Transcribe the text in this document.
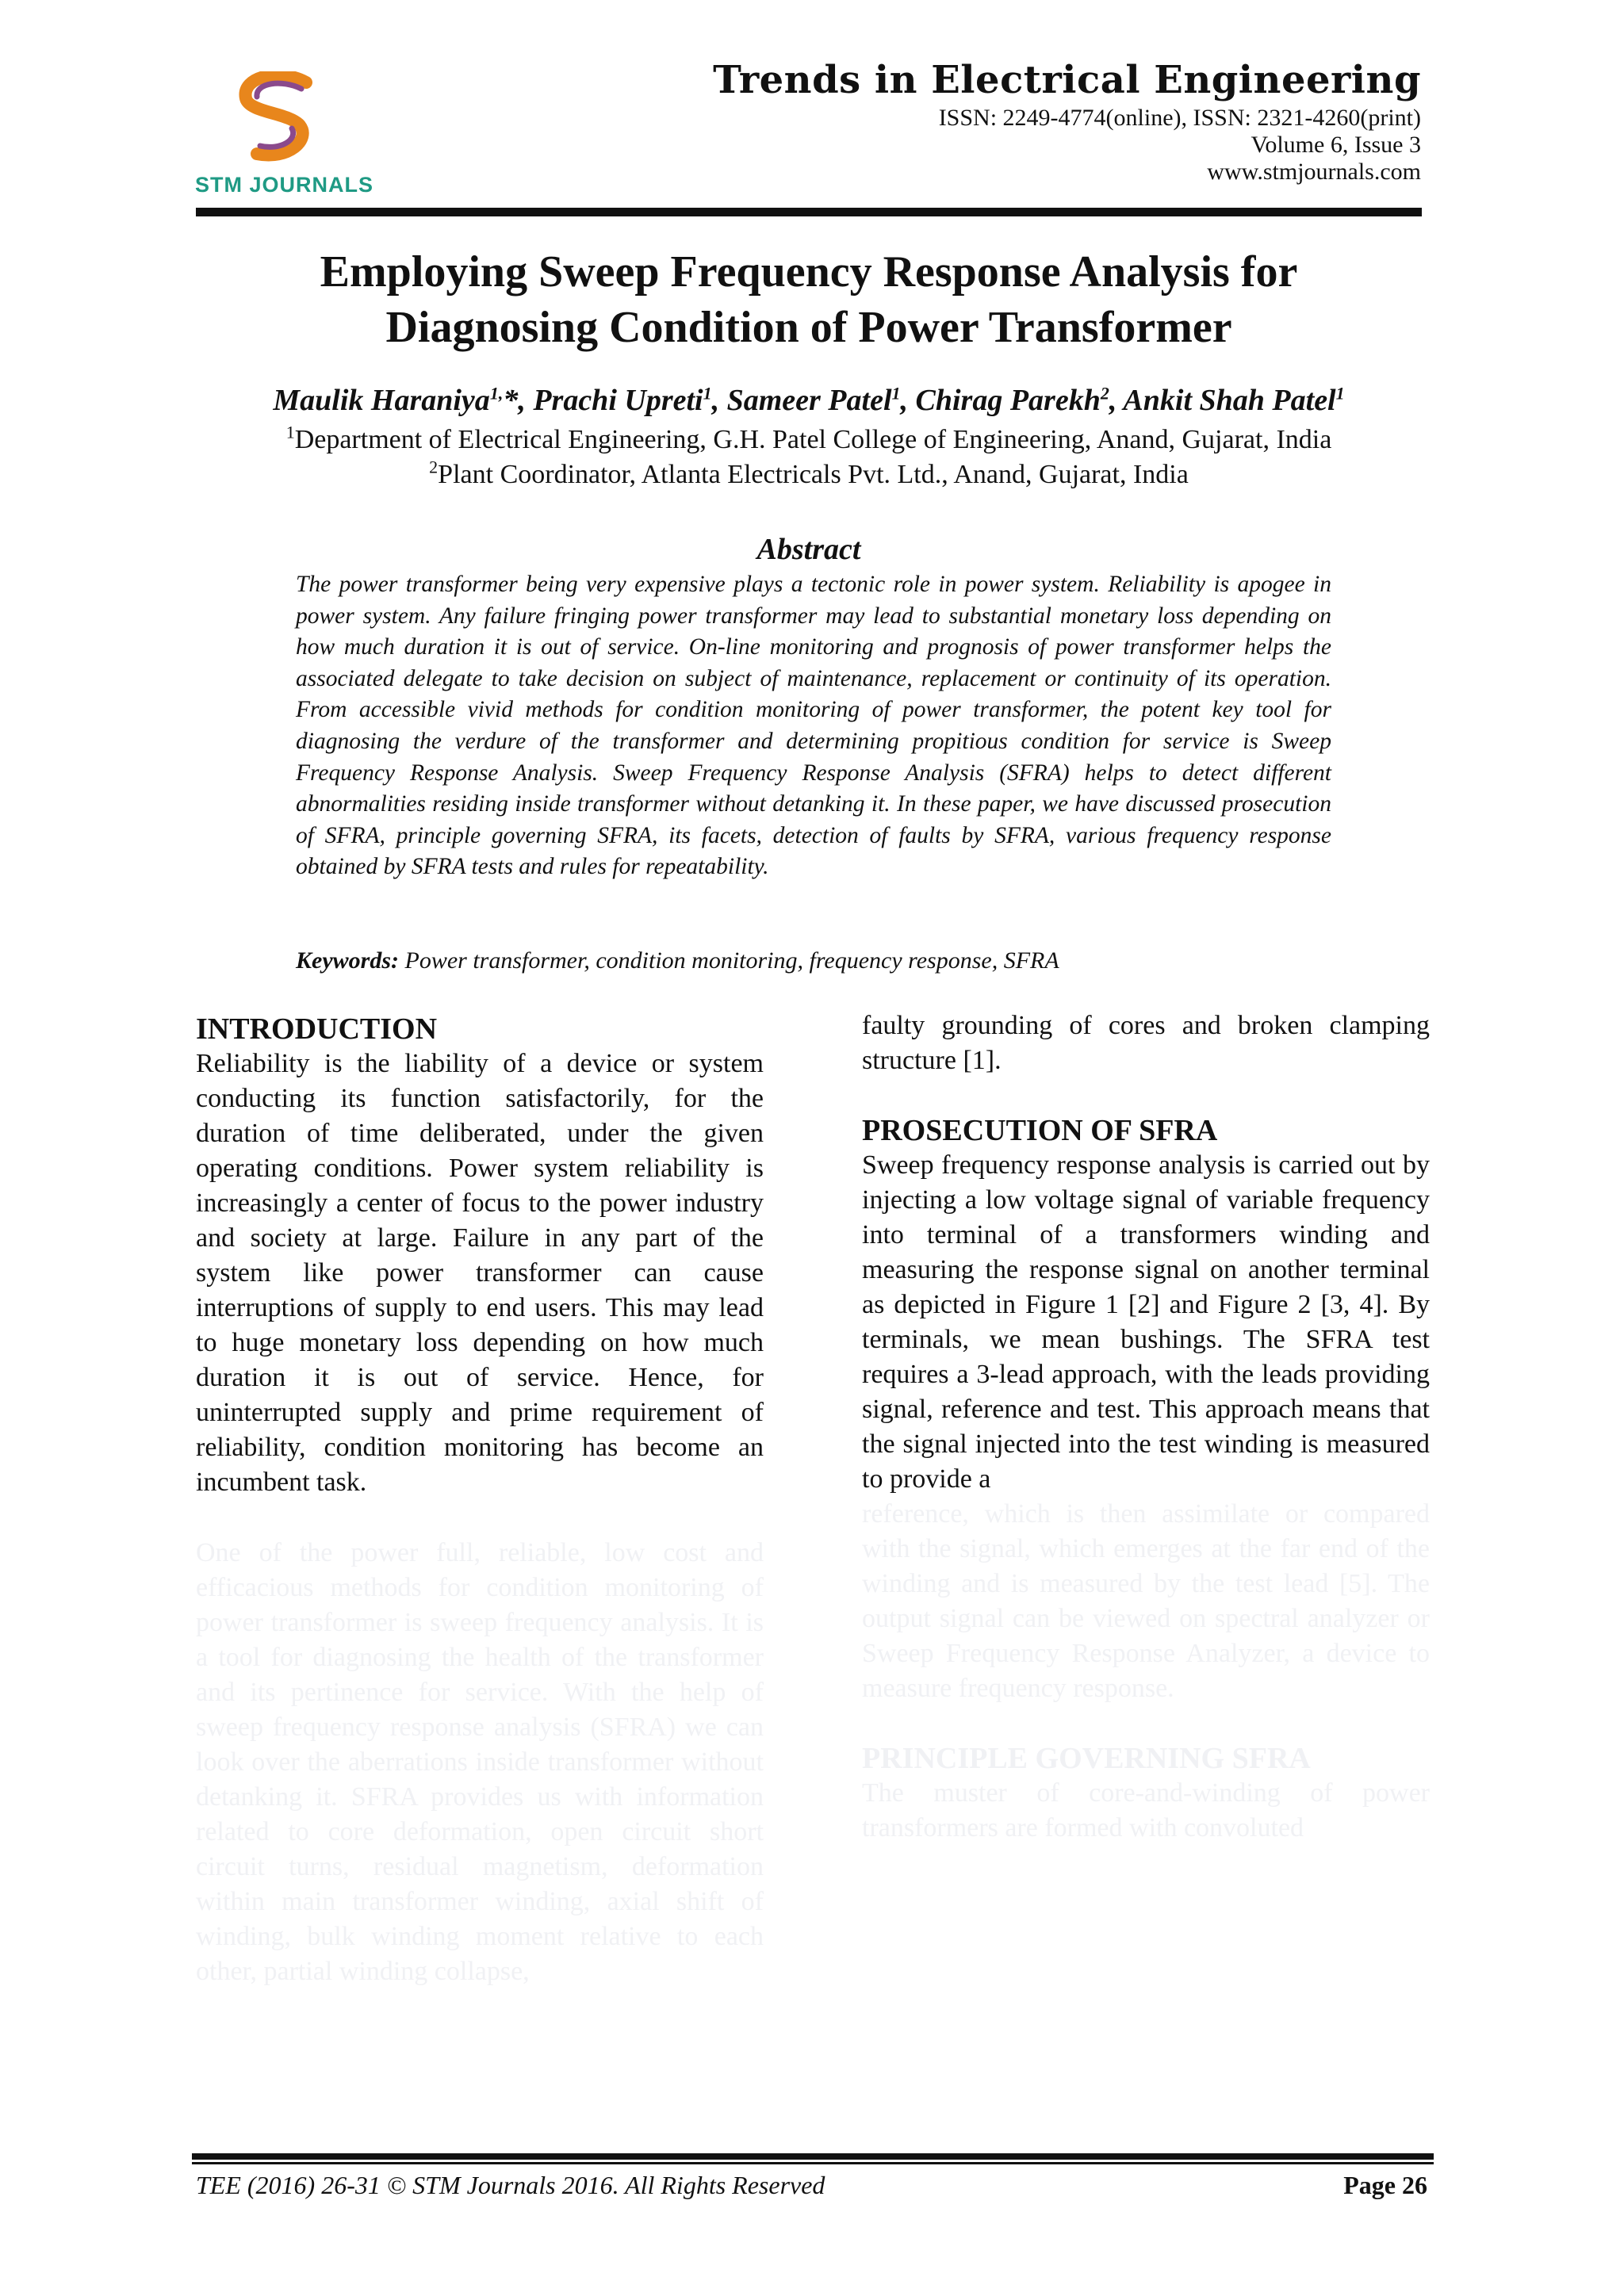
STM JOURNALS
Trends in Electrical Engineering
ISSN: 2249-4774(online), ISSN: 2321-4260(print)
Volume 6, Issue 3
www.stmjournals.com
Employing Sweep Frequency Response Analysis for
Diagnosing Condition of Power Transformer
Maulik Haraniya$^{1,}$*, Prachi Upreti$^1$, Sameer Patel$^1$, Chirag Parekh$^2$, Ankit Shah Patel$^1$
$^1$Department of Electrical Engineering, G.H. Patel College of Engineering, Anand, Gujarat, India
$^2$Plant Coordinator, Atlanta Electricals Pvt. Ltd., Anand, Gujarat, India
Abstract
The power transformer being very expensive plays a tectonic role in power system. Reliability is apogee in power system. Any failure fringing power transformer may lead to substantial monetary loss depending on how much duration it is out of service. On-line monitoring and prognosis of power transformer helps the associated delegate to take decision on subject of maintenance, replacement or continuity of its operation. From accessible vivid methods for condition monitoring of power transformer, the potent key tool for diagnosing the verdure of the transformer and determining propitious condition for service is Sweep Frequency Response Analysis. Sweep Frequency Response Analysis (SFRA) helps to detect different abnormalities residing inside transformer without detanking it. In these paper, we have discussed prosecution of SFRA, principle governing SFRA, its facets, detection of faults by SFRA, various frequency response obtained by SFRA tests and rules for repeatability.
Keywords: Power transformer, condition monitoring, frequency response, SFRA
INTRODUCTION

Reliability is the liability of a device or system conducting its function satisfactorily, for the duration of time deliberated, under the given operating conditions. Power system reliability is increasingly a center of focus to the power industry and society at large. Failure in any part of the system like power transformer can cause interruptions of supply to end users. This may lead to huge monetary loss depending on how much duration it is out of service. Hence, for uninterrupted supply and prime requirement of reliability, condition monitoring has become an incumbent task.

One of the power full, reliable, low cost and efficacious methods for condition monitoring of power transformer is sweep frequency analysis. It is a tool for diagnosing the health of the transformer and its pertinence for service. With the help of sweep frequency response analysis (SFRA) we can look over the aberrations inside transformer without detanking it. SFRA provides us with information related to core deformation, open circuit short circuit turns, residual magnetism, deformation within main transformer winding, axial shift of winding, bulk winding moment relative to each other, partial winding collapse,

faulty grounding of cores and broken clamping structure [1].

PROSECUTION OF SFRA

Sweep frequency response analysis is carried out by injecting a low voltage signal of variable frequency into terminal of a transformers winding and measuring the response signal on another terminal as depicted in Figure 1 [2] and Figure 2 [3, 4]. By terminals, we mean bushings. The SFRA test requires a 3-lead approach, with the leads providing signal, reference and test. This approach means that the signal injected into the test winding is measured to provide a

reference, which is then assimilate or compared with the signal, which emerges at the far end of the winding and is measured by the test lead [5]. The output signal can be viewed on spectral analyzer or Sweep Frequency Response Analyzer, a device to measure frequency response.

PRINCIPLE GOVERNING SFRA

The muster of core-and-winding of power transformers are formed with convoluted

TEE (2016) 26-31 © STM Journals 2016. All Rights Reserved	Page 26
